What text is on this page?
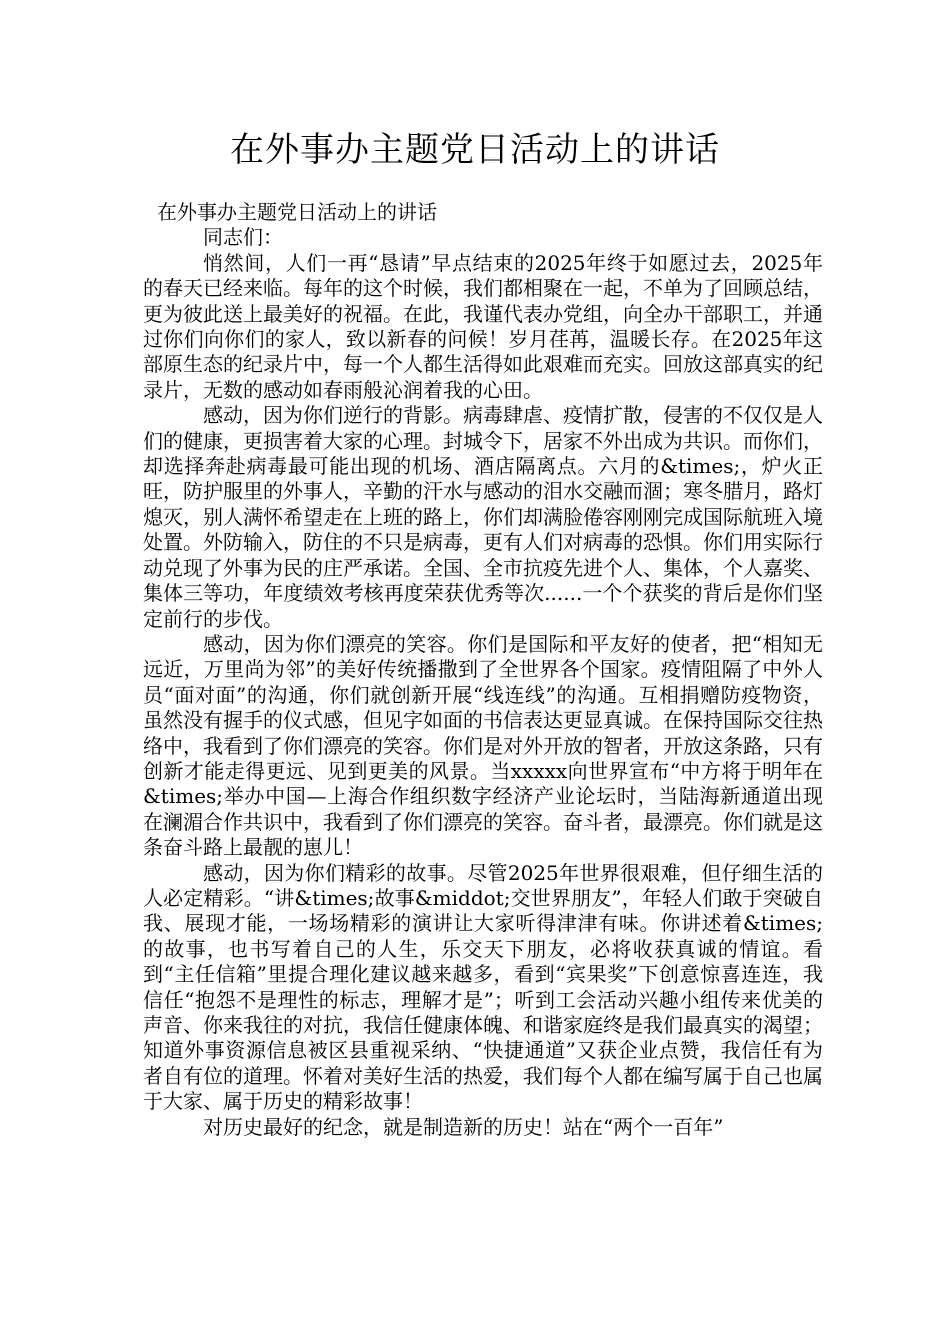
在外事办主题党日活动上的讲话

在外事办主题党日活动上的讲话

同志们：

悄然间，人们一再“恳请”早点结束的2025年终于如愿过去，2025年的春天已经来临。每年的这个时候，我们都相聚在一起，不单为了回顾总结，更为彼此送上最美好的祝福。在此，我谨代表办党组，向全办干部职工，并通过你们向你们的家人，致以新春的问候！岁月荏苒，温暖长存。在2025年这部原生态的纪录片中，每一个人都生活得如此艰难而充实。回放这部真实的纪录片，无数的感动如春雨般沁润着我的心田。

感动，因为你们逆行的背影。病毒肆虐、疫情扩散，侵害的不仅仅是人们的健康，更损害着大家的心理。封城令下，居家不外出成为共识。而你们，却选择奔赴病毒最可能出现的机场、酒店隔离点。六月的&times;，炉火正旺，防护服里的外事人，辛勤的汗水与感动的泪水交融而涸；寒冬腊月，路灯熄灭，别人满怀希望走在上班的路上，你们却满脸倦容刚刚完成国际航班入境处置。外防输入，防住的不只是病毒，更有人们对病毒的恐惧。你们用实际行动兑现了外事为民的庄严承诺。全国、全市抗疫先进个人、集体，个人嘉奖、集体三等功，年度绩效考核再度荣获优秀等次......一个个获奖的背后是你们坚定前行的步伐。

感动，因为你们漂亮的笑容。你们是国际和平友好的使者，把“相知无远近，万里尚为邻”的美好传统播撒到了全世界各个国家。疫情阻隔了中外人员“面对面”的沟通，你们就创新开展“线连线”的沟通。互相捐赠防疫物资，虽然没有握手的仪式感，但见字如面的书信表达更显真诚。在保持国际交往热络中，我看到了你们漂亮的笑容。你们是对外开放的智者，开放这条路，只有创新才能走得更远、见到更美的风景。当xxxxx向世界宣布“中方将于明年在&times;举办中国—上海合作组织数字经济产业论坛时，当陆海新通道出现在澜湄合作共识中，我看到了你们漂亮的笑容。奋斗者，最漂亮。你们就是这条奋斗路上最靓的崽儿！

感动，因为你们精彩的故事。尽管2025年世界很艰难，但仔细生活的人必定精彩。“讲&times;故事&middot;交世界朋友”，年轻人们敢于突破自我、展现才能，一场场精彩的演讲让大家听得津津有味。你讲述着&times;的故事，也书写着自己的人生，乐交天下朋友，必将收获真诚的情谊。看到“主任信箱”里提合理化建议越来越多，看到“宾果奖”下创意惊喜连连，我信任“抱怨不是理性的标志，理解才是”；听到工会活动兴趣小组传来优美的声音、你来我往的对抗，我信任健康体魄、和谐家庭终是我们最真实的渴望；知道外事资源信息被区县重视采纳、“快捷通道”又获企业点赞，我信任有为者自有位的道理。怀着对美好生活的热爱，我们每个人都在编写属于自己也属于大家、属于历史的精彩故事！

对历史最好的纪念，就是制造新的历史！站在“两个一百年”
